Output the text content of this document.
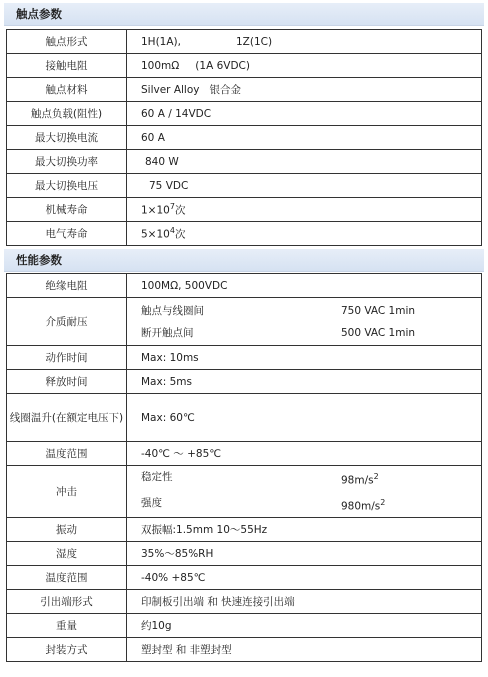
触点参数
触点形式	1H(1A), 1Z(1C)
接触电阻	100mΩ (1A 6VDC)
触点材料	Silver Alloy 银合金
触点负载(阻性)	60 A / 14VDC
最大切换电流	60 A
最大切换功率	840 W
最大切换电压	75 VDC
机械寿命	$1\times 10^7$次
电气寿命	$5\times 10^4$次
性能参数
绝缘电阻	100MΩ, 500VDC
介质耐压	触点与线圈间 750 VAC 1min
断开触点间 500 VAC 1min

动作时间	Max: 10ms
释放时间	Max: 5ms
线圈温升(在额定电压下)	Max: 60℃
温度范围	-40℃ ～ +85℃
冲击	稳定性 $98m/s^2$
强度 $980m/s^2$

振动	双振幅:1.5mm 10～55Hz
湿度	35%～85%RH
温度范围	-40% +85℃
引出端形式	印制板引出端 和 快速连接引出端
重量	约10g
封装方式	塑封型 和 非塑封型
